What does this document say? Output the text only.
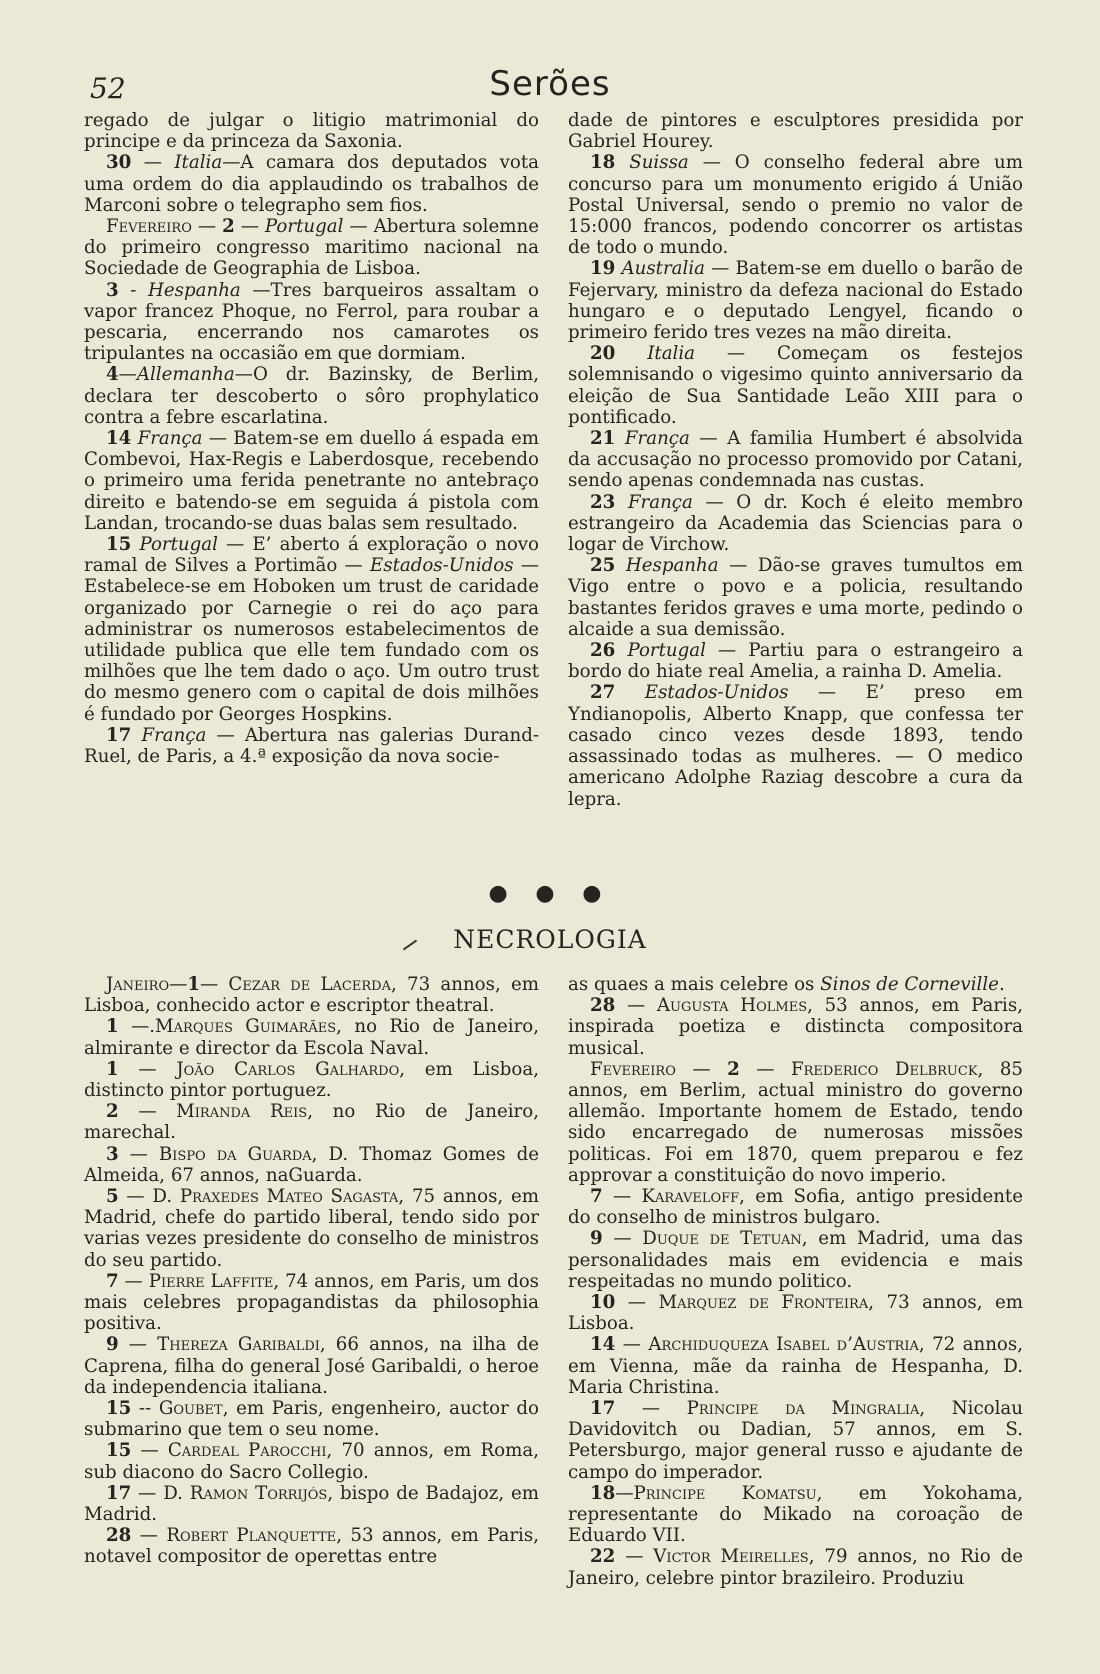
52	Serões

regado de julgar o litigio matrimonial do principe e da princeza da Saxonia.

30 — Italia—A camara dos deputados vota uma ordem do dia applaudindo os trabalhos de Marconi sobre o telegrapho sem fios.

Fevereiro — 2 — Portugal — Abertura solemne do primeiro congresso maritimo nacional na Sociedade de Geographia de Lisboa.

3 - Hespanha —Tres barqueiros assaltam o vapor francez Phoque, no Ferrol, para roubar a pescaria, encerrando nos camarotes os tripulantes na occasião em que dormiam.

4—Allemanha—O dr. Bazinsky, de Berlim, declara ter descoberto o sôro prophylatico contra a febre escarlatina.

14 França — Batem-se em duello á espada em Combevoi, Hax-Regis e Laberdosque, recebendo o primeiro uma ferida penetrante no antebraço direito e batendo-se em seguida á pistola com Landan, trocando-se duas balas sem resultado.

15 Portugal — E’ aberto á exploração o novo ramal de Silves a Portimão — Estados-Unidos — Estabelece-se em Hoboken um trust de caridade organizado por Carnegie o rei do aço para administrar os numerosos estabelecimentos de utilidade publica que elle tem fundado com os milhões que lhe tem dado o aço. Um outro trust do mesmo genero com o capital de dois milhões é fundado por Georges Hospkins.

17 França — Abertura nas galerias Durand-Ruel, de Paris, a 4.ª exposição da nova socie-

dade de pintores e esculptores presidida por Gabriel Hourey.

18 Suissa — O conselho federal abre um concurso para um monumento erigido á União Postal Universal, sendo o premio no valor de 15:000 francos, podendo concorrer os artistas de todo o mundo.

19 Australia — Batem-se em duello o barão de Fejervary, ministro da defeza nacional do Estado hungaro e o deputado Lengyel, ficando o primeiro ferido tres vezes na mão direita.

20 Italia — Começam os festejos solemnisando o vigesimo quinto anniversario da eleição de Sua Santidade Leão XIII para o pontificado.

21 França — A familia Humbert é absolvida da accusação no processo promovido por Catani, sendo apenas condemnada nas custas.

23 França — O dr. Koch é eleito membro estrangeiro da Academia das Sciencias para o logar de Virchow.

25 Hespanha — Dão-se graves tumultos em Vigo entre o povo e a policia, resultando bastantes feridos graves e uma morte, pedindo o alcaide a sua demissão.

26 Portugal — Partiu para o estrangeiro a bordo do hiate real Amelia, a rainha D. Amelia.

27 Estados-Unidos — E’ preso em Yndianopolis, Alberto Knapp, que confessa ter casado cinco vezes desde 1893, tendo assassinado todas as mulheres. — O medico americano Adolphe Raziag descobre a cura da lepra.

● ● ●
NECROLOGIA

Janeiro—1— Cezar de Lacerda, 73 annos, em Lisboa, conhecido actor e escriptor theatral.

1 —.Marques Guimarães, no Rio de Janeiro, almirante e director da Escola Naval.

1 — João Carlos Galhardo, em Lisboa, distincto pintor portuguez.

2 — Miranda Reis, no Rio de Janeiro, marechal.

3 — Bispo da Guarda, D. Thomaz Gomes de Almeida, 67 annos, naGuarda.

5 — D. Praxedes Mateo Sagasta, 75 annos, em Madrid, chefe do partido liberal, tendo sido por varias vezes presidente do conselho de ministros do seu partido.

7 — Pierre Laffite, 74 annos, em Paris, um dos mais celebres propagandistas da philosophia positiva.

9 — Thereza Garibaldi, 66 annos, na ilha de Caprena, filha do general José Garibaldi, o heroe da independencia italiana.

15 -- Goubet, em Paris, engenheiro, auctor do submarino que tem o seu nome.

15 — Cardeal Parocchi, 70 annos, em Roma, sub diacono do Sacro Collegio.

17 — D. Ramon Torrijós, bispo de Badajoz, em Madrid.

28 — Robert Planquette, 53 annos, em Paris, notavel compositor de operettas entre

as quaes a mais celebre os Sinos de Corneville.

28 — Augusta Holmes, 53 annos, em Paris, inspirada poetiza e distincta compositora musical.

Fevereiro — 2 — Frederico Delbruck, 85 annos, em Berlim, actual ministro do governo allemão. Importante homem de Estado, tendo sido encarregado de numerosas missões politicas. Foi em 1870, quem preparou e fez approvar a constituição do novo imperio.

7 — Karaveloff, em Sofia, antigo presidente do conselho de ministros bulgaro.

9 — Duque de Tetuan, em Madrid, uma das personalidades mais em evidencia e mais respeitadas no mundo politico.

10 — Marquez de Fronteira, 73 annos, em Lisboa.

14 — Archiduqueza Isabel d’Austria, 72 annos, em Vienna, mãe da rainha de Hespanha, D. Maria Christina.

17 — Principe da Mingralia, Nicolau Davidovitch ou Dadian, 57 annos, em S. Petersburgo, major general russo e ajudante de campo do imperador.

18—Principe Komatsu, em Yokohama, representante do Mikado na coroação de Eduardo VII.

22 — Victor Meirelles, 79 annos, no Rio de Janeiro, celebre pintor brazileiro. Produziu
